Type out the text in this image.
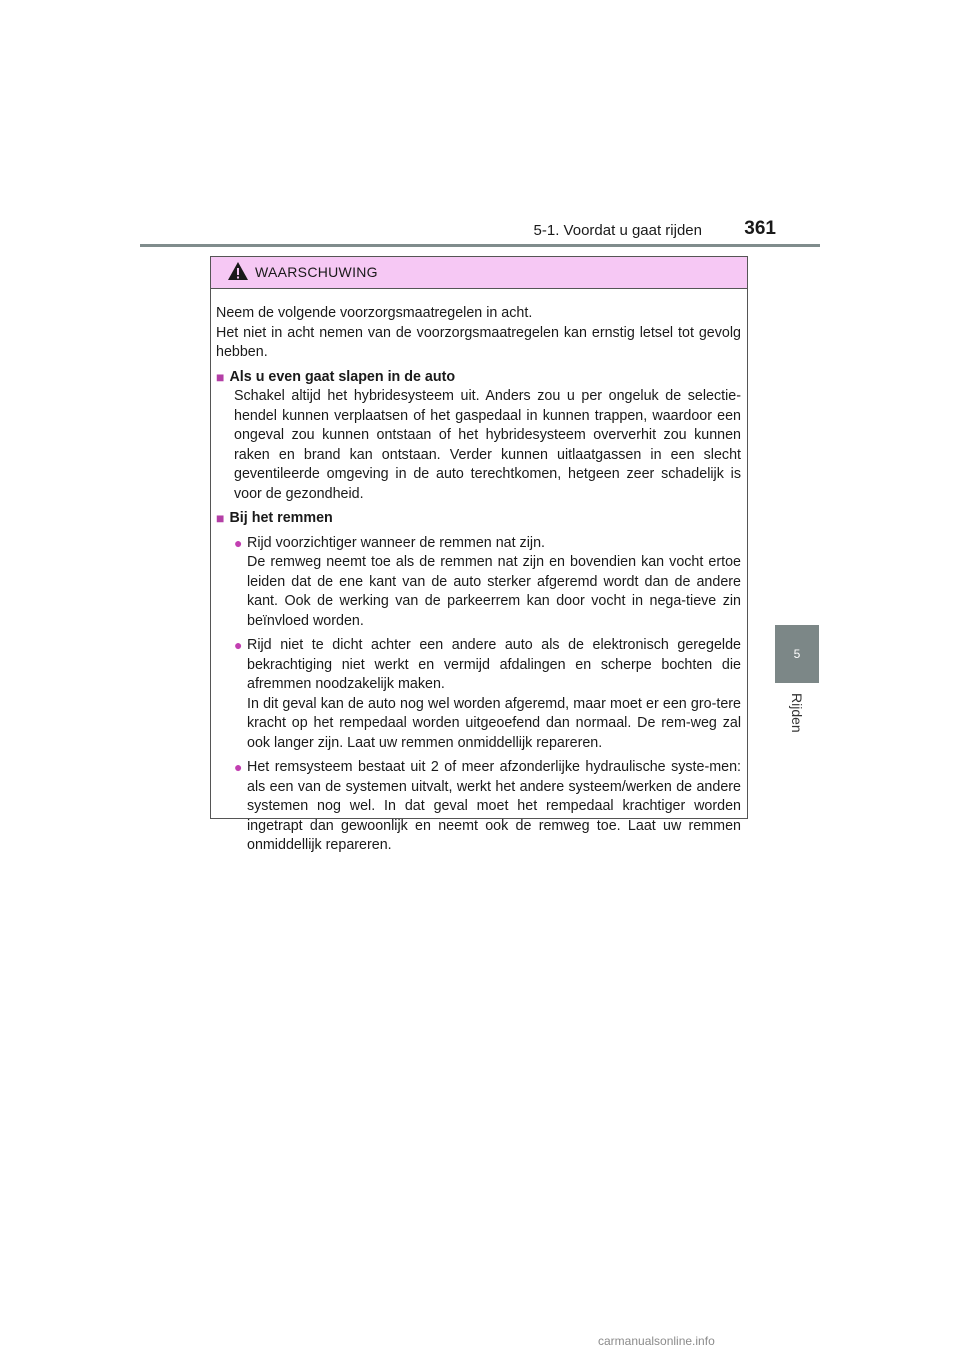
5-1. Voordat u gaat rijden 361
5
Rijden
WAARSCHUWING

Neem de volgende voorzorgsmaatregelen in acht.

Het niet in acht nemen van de voorzorgsmaatregelen kan ernstig letsel tot gevolg hebben.

■ Als u even gaat slapen in de auto

Schakel altijd het hybridesysteem uit. Anders zou u per ongeluk de selectie-hendel kunnen verplaatsen of het gaspedaal in kunnen trappen, waardoor een ongeval zou kunnen ontstaan of het hybridesysteem oververhit zou kunnen raken en brand kan ontstaan. Verder kunnen uitlaatgassen in een slecht geventileerde omgeving in de auto terechtkomen, hetgeen zeer schadelijk is voor de gezondheid.

■ Bij het remmen
● Rijd voorzichtiger wanneer de remmen nat zijn.

De remweg neemt toe als de remmen nat zijn en bovendien kan vocht ertoe leiden dat de ene kant van de auto sterker afgeremd wordt dan de andere kant. Ook de werking van de parkeerrem kan door vocht in nega-tieve zin beïnvloed worden.

● Rijd niet te dicht achter een andere auto als de elektronisch geregelde bekrachtiging niet werkt en vermijd afdalingen en scherpe bochten die afremmen noodzakelijk maken.

In dit geval kan de auto nog wel worden afgeremd, maar moet er een gro-tere kracht op het rempedaal worden uitgeoefend dan normaal. De rem-weg zal ook langer zijn. Laat uw remmen onmiddellijk repareren.

● Het remsysteem bestaat uit 2 of meer afzonderlijke hydraulische syste-men: als een van de systemen uitvalt, werkt het andere systeem/werken de andere systemen nog wel. In dat geval moet het rempedaal krachtiger worden ingetrapt dan gewoonlijk en neemt ook de remweg toe. Laat uw remmen onmiddellijk repareren.

carmanualsonline.info
